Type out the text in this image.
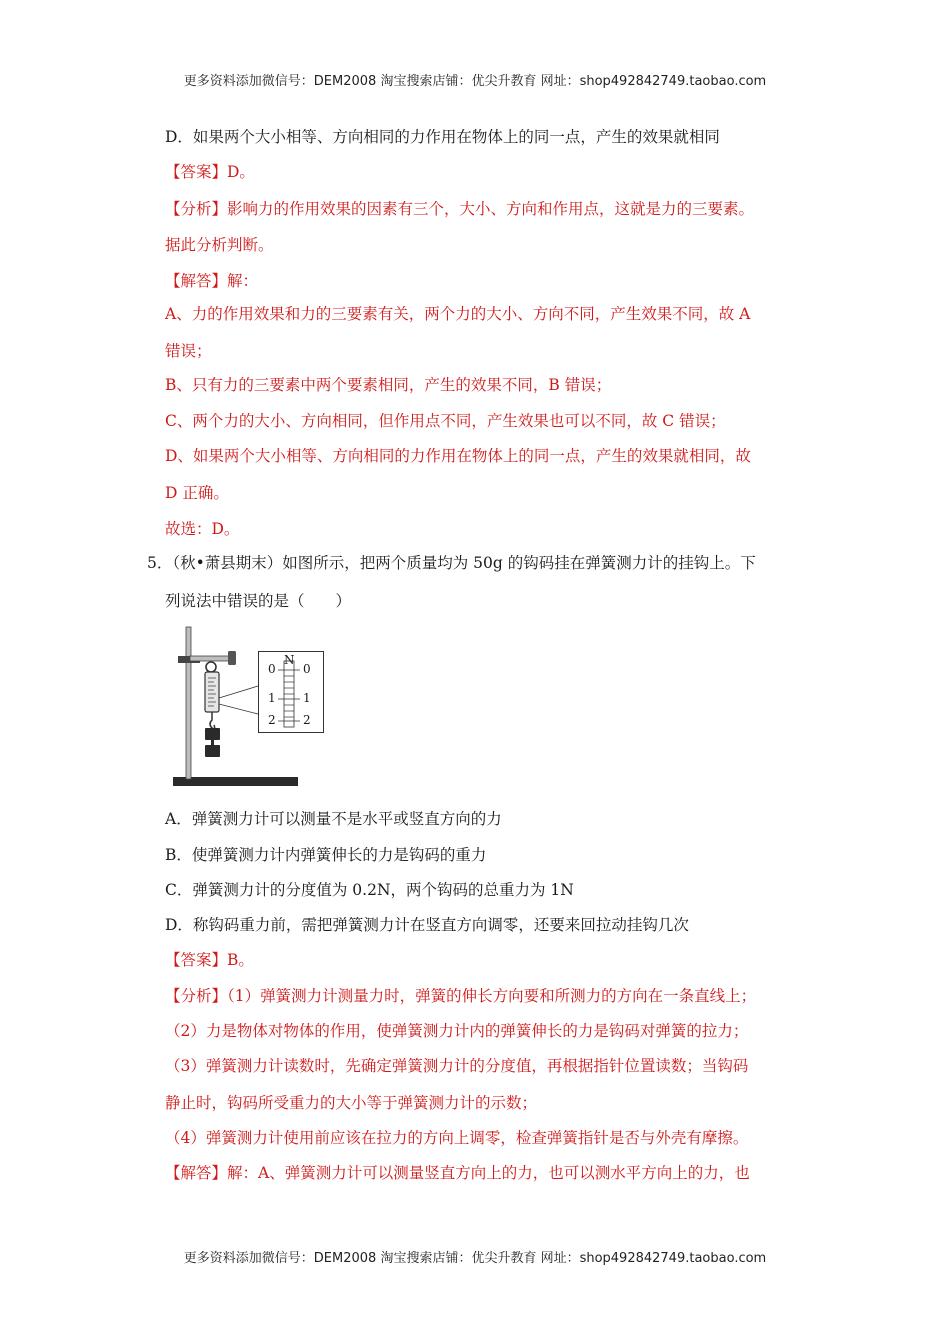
更多资料添加微信号：DEM2008 淘宝搜索店铺：优尖升教育 网址：shop492842749.taobao.com
D．如果两个大小相等、方向相同的力作用在物体上的同一点，产生的效果就相同
【答案】D。
【分析】影响力的作用效果的因素有三个，大小、方向和作用点，这就是力的三要素。
据此分析判断。
【解答】解：
A、力的作用效果和力的三要素有关，两个力的大小、方向不同，产生效果不同，故 A
错误；
B、只有力的三要素中两个要素相同，产生的效果不同，B 错误；
C、两个力的大小、方向相同，但作用点不同，产生效果也可以不同，故 C 错误；
D、如果两个大小相等、方向相同的力作用在物体上的同一点，产生的效果就相同，故
D 正确。
故选：D。
5．（秋•萧县期末）如图所示，把两个质量均为 50g 的钩码挂在弹簧测力计的挂钩上。下
列说法中错误的是（　　）
N
0 0
1 1
2 2
A．弹簧测力计可以测量不是水平或竖直方向的力
B．使弹簧测力计内弹簧伸长的力是钩码的重力
C．弹簧测力计的分度值为 0.2N，两个钩码的总重力为 1N
D．称钩码重力前，需把弹簧测力计在竖直方向调零，还要来回拉动挂钩几次
【答案】B。
【分析】（1）弹簧测力计测量力时，弹簧的伸长方向要和所测力的方向在一条直线上；
（2）力是物体对物体的作用，使弹簧测力计内的弹簧伸长的力是钩码对弹簧的拉力；
（3）弹簧测力计读数时，先确定弹簧测力计的分度值，再根据指针位置读数；当钩码
静止时，钩码所受重力的大小等于弹簧测力计的示数；
（4）弹簧测力计使用前应该在拉力的方向上调零，检查弹簧指针是否与外壳有摩擦。
【解答】解：A、弹簧测力计可以测量竖直方向上的力，也可以测水平方向上的力，也
更多资料添加微信号：DEM2008 淘宝搜索店铺：优尖升教育 网址：shop492842749.taobao.com
